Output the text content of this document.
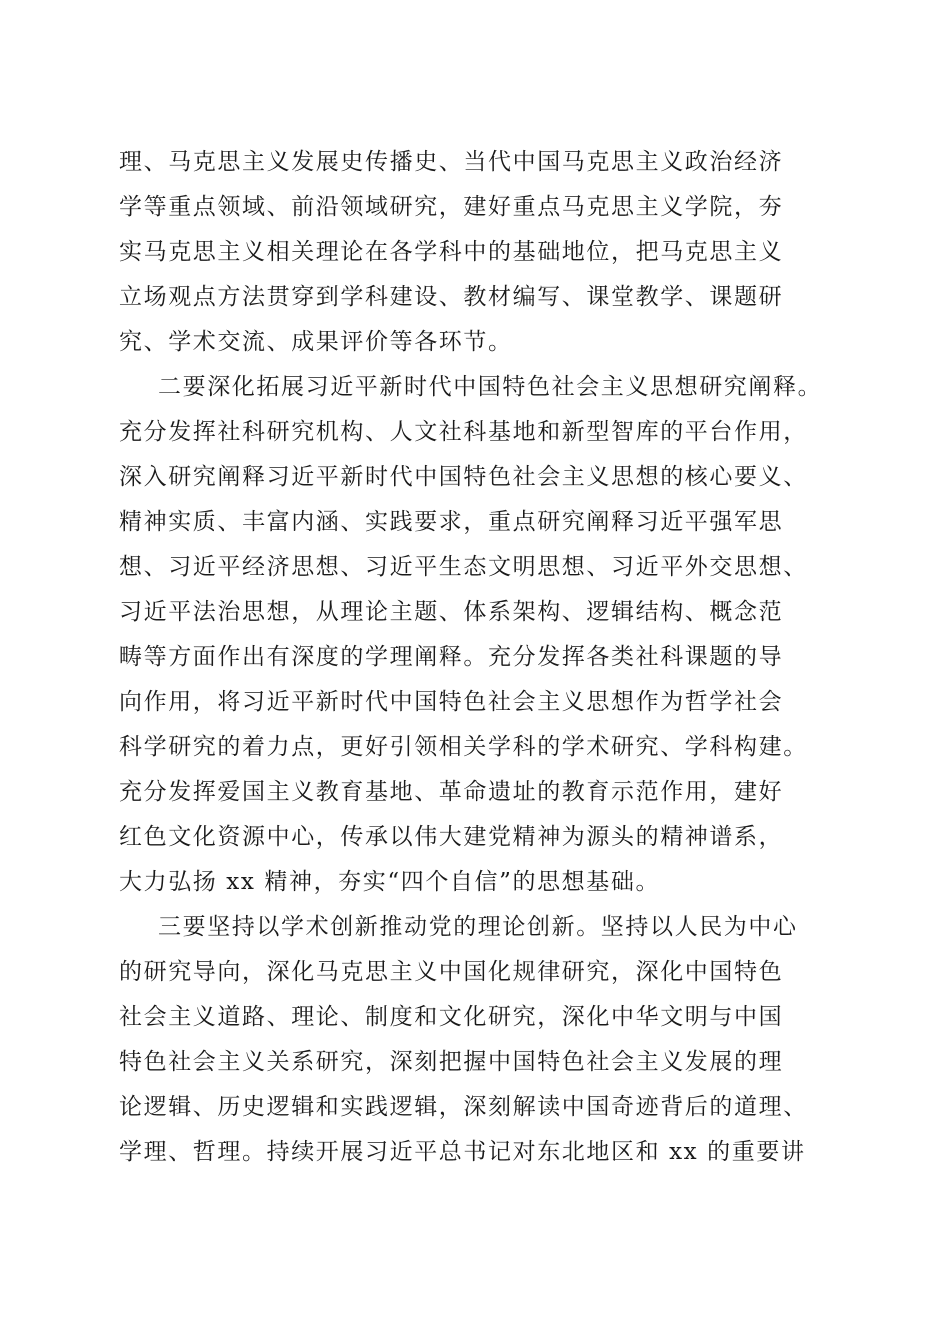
理、马克思主义发展史传播史、当代中国马克思主义政治经济
学等重点领域、前沿领域研究，建好重点马克思主义学院，夯
实马克思主义相关理论在各学科中的基础地位，把马克思主义
立场观点方法贯穿到学科建设、教材编写、课堂教学、课题研
究、学术交流、成果评价等各环节。
二要深化拓展习近平新时代中国特色社会主义思想研究阐释。
充分发挥社科研究机构、人文社科基地和新型智库的平台作用，
深入研究阐释习近平新时代中国特色社会主义思想的核心要义、
精神实质、丰富内涵、实践要求，重点研究阐释习近平强军思
想、习近平经济思想、习近平生态文明思想、习近平外交思想、
习近平法治思想，从理论主题、体系架构、逻辑结构、概念范
畴等方面作出有深度的学理阐释。充分发挥各类社科课题的导
向作用，将习近平新时代中国特色社会主义思想作为哲学社会
科学研究的着力点，更好引领相关学科的学术研究、学科构建。
充分发挥爱国主义教育基地、革命遗址的教育示范作用，建好
红色文化资源中心，传承以伟大建党精神为源头的精神谱系，
大力弘扬 xx 精神，夯实“四个自信”的思想基础。
三要坚持以学术创新推动党的理论创新。坚持以人民为中心
的研究导向，深化马克思主义中国化规律研究，深化中国特色
社会主义道路、理论、制度和文化研究，深化中华文明与中国
特色社会主义关系研究，深刻把握中国特色社会主义发展的理
论逻辑、历史逻辑和实践逻辑，深刻解读中国奇迹背后的道理、
学理、哲理。持续开展习近平总书记对东北地区和 xx 的重要讲
